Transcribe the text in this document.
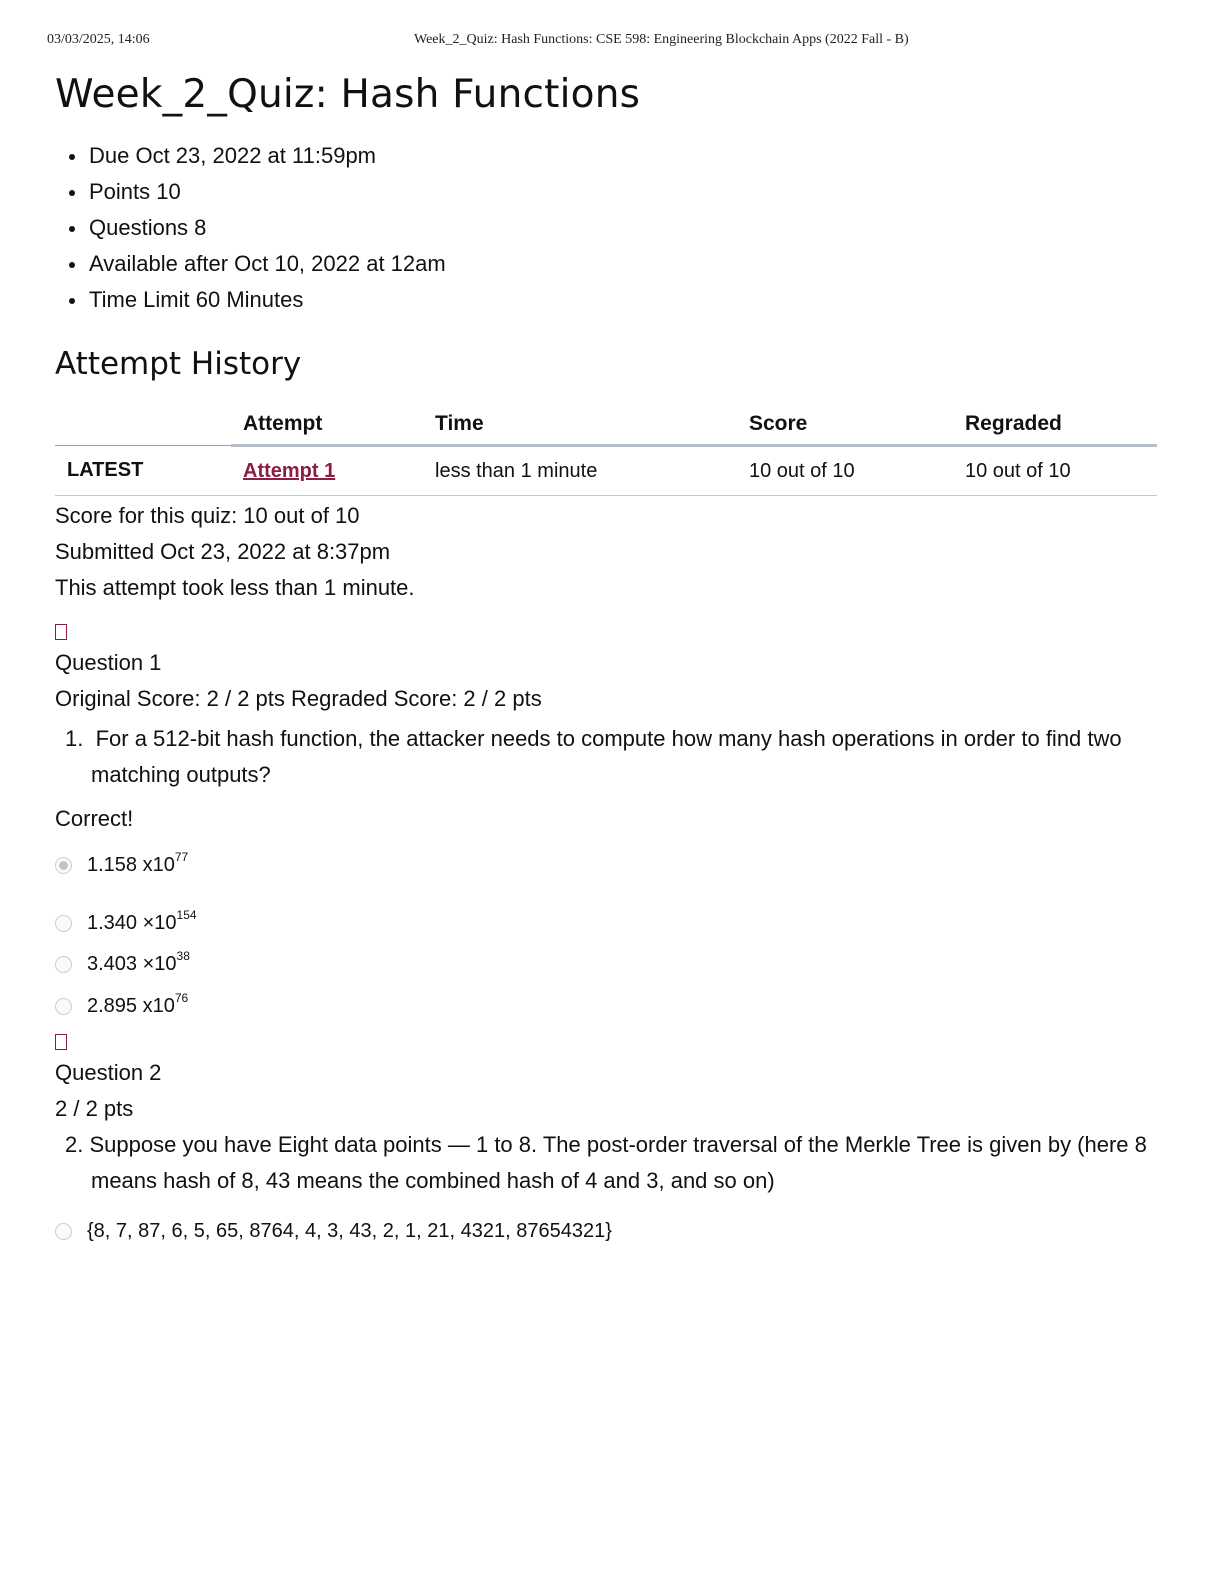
03/03/2025, 14:06	Week_2_Quiz: Hash Functions: CSE 598: Engineering Blockchain Apps (2022 Fall - B)
Week_2_Quiz: Hash Functions
Due Oct 23, 2022 at 11:59pm
Points 10
Questions 8
Available after Oct 10, 2022 at 12am
Time Limit 60 Minutes
Attempt History
	Attempt	Time	Score	Regraded
LATEST	Attempt 1	less than 1 minute	10 out of 10	10 out of 10
Score for this quiz: 10 out of 10
Submitted Oct 23, 2022 at 8:37pm
This attempt took less than 1 minute.
Question 1
Original Score: 2 / 2 pts Regraded Score: 2 / 2 pts
1. For a 512-bit hash function, the attacker needs to compute how many hash operations in order to find two matching outputs?
Correct!
1.158 $x10^{77}$
$1.340 \times 10^{154}$
$3.403 \times 10^{38}$
2.895 $x10^{76}$
Question 2
2 / 2 pts
2. Suppose you have Eight data points — 1 to 8. The post-order traversal of the Merkle Tree is given by (here 8 means hash of 8, 43 means the combined hash of 4 and 3, and so on)
{8, 7, 87, 6, 5, 65, 8764, 4, 3, 43, 2, 1, 21, 4321, 87654321}
